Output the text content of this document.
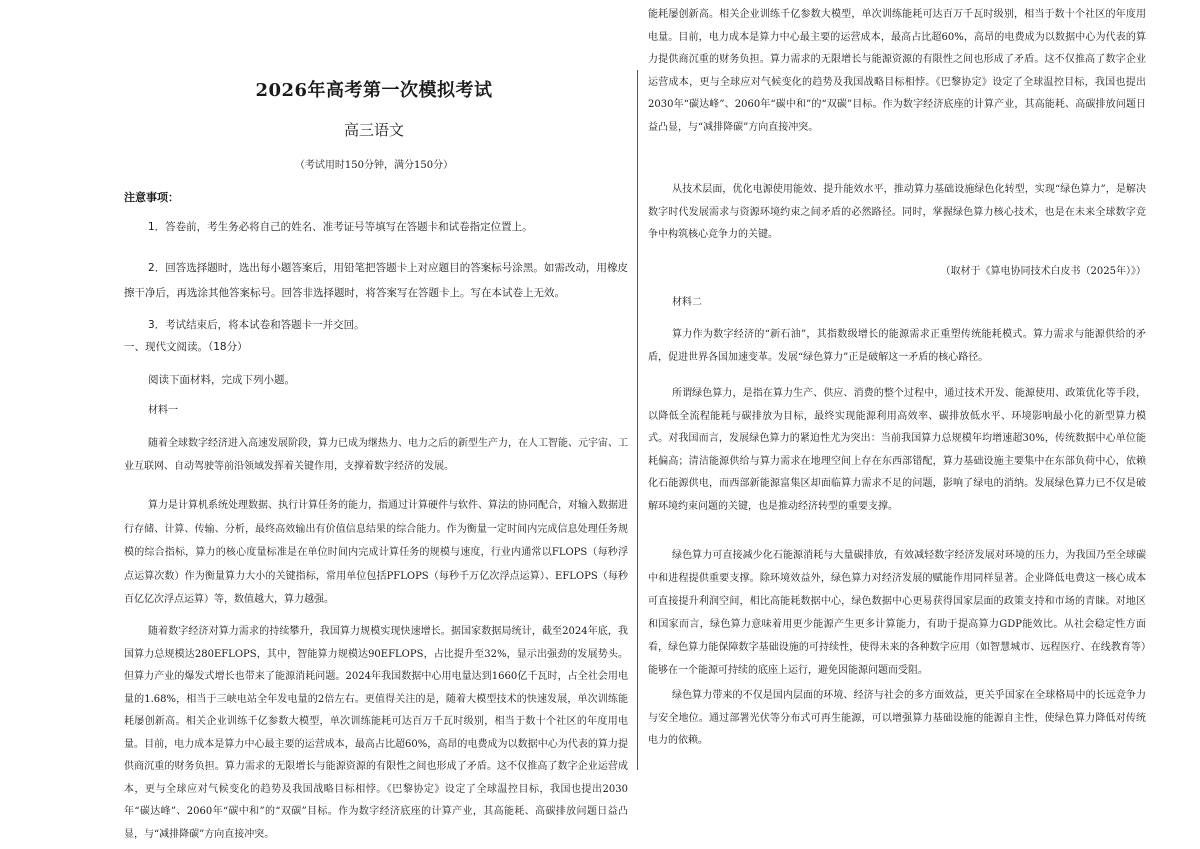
2026年高考第一次模拟考试
高三语文
（考试用时150分钟，满分150分）
注意事项：
1．答卷前，考生务必将自己的姓名、准考证号等填写在答题卡和试卷指定位置上。
2．回答选择题时，选出每小题答案后，用铅笔把答题卡上对应题目的答案标号涂黑。如需改动，用橡皮擦干净后，再选涂其他答案标号。回答非选择题时，将答案写在答题卡上。写在本试卷上无效。
3．考试结束后，将本试卷和答题卡一并交回。
一、现代文阅读。（18分）
阅读下面材料，完成下列小题。
材料一
随着全球数字经济进入高速发展阶段，算力已成为继热力、电力之后的新型生产力，在人工智能、元宇宙、工业互联网、自动驾驶等前沿领域发挥着关键作用，支撑着数字经济的发展。
算力是计算机系统处理数据、执行计算任务的能力，指通过计算硬件与软件、算法的协同配合，对输入数据进行存储、计算、传输、分析，最终高效输出有价值信息结果的综合能力。作为衡量一定时间内完成信息处理任务规模的综合指标，算力的核心度量标准是在单位时间内完成计算任务的规模与速度，行业内通常以FLOPS（每秒浮点运算次数）作为衡量算力大小的关键指标，常用单位包括PFLOPS（每秒千万亿次浮点运算）、EFLOPS（每秒百亿亿次浮点运算）等，数值越大，算力越强。
随着数字经济对算力需求的持续攀升，我国算力规模实现快速增长。据国家数据局统计，截至2024年底，我国算力总规模达280EFLOPS，其中，智能算力规模达90EFLOPS，占比提升至32%，显示出强劲的发展势头。但算力产业的爆发式增长也带来了能源消耗问题。2024年我国数据中心用电量达到1660亿千瓦时，占全社会用电量的1.68%，相当于三峡电站全年发电量的2倍左右。更值得关注的是，随着大模型技术的快速发展，单次训练能耗屡创新高。相关企业训练千亿参数大模型，单次训练能耗可达百万千瓦时级别，相当于数十个社区的年度用电量。目前，电力成本是算力中心最主要的运营成本，最高占比超60%，高昂的电费成为以数据中心为代表的算力提供商沉重的财务负担。算力需求的无限增长与能源资源的有限性之间也形成了矛盾。这不仅推高了数字企业运营成本，更与全球应对气候变化的趋势及我国战略目标相悖。《巴黎协定》设定了全球温控目标，我国也提出2030年“碳达峰”、2060年“碳中和”的“双碳”目标。作为数字经济底座的计算产业，其高能耗、高碳排放问题日益凸显，与“减排降碳”方向直接冲突。
能耗屡创新高。相关企业训练千亿参数大模型，单次训练能耗可达百万千瓦时级别，相当于数十个社区的年度用电量。目前，电力成本是算力中心最主要的运营成本，最高占比超60%，高昂的电费成为以数据中心为代表的算力提供商沉重的财务负担。算力需求的无限增长与能源资源的有限性之间也形成了矛盾。这不仅推高了数字企业运营成本，更与全球应对气候变化的趋势及我国战略目标相悖。《巴黎协定》设定了全球温控目标，我国也提出2030年“碳达峰”、2060年“碳中和”的“双碳”目标。作为数字经济底座的计算产业，其高能耗、高碳排放问题日益凸显，与“减排降碳”方向直接冲突。
从技术层面，优化电源使用能效、提升能效水平，推动算力基础设施绿色化转型，实现“绿色算力”，是解决数字时代发展需求与资源环境约束之间矛盾的必然路径。同时，掌握绿色算力核心技术，也是在未来全球数字竞争中构筑核心竞争力的关键。
（取材于《算电协同技术白皮书（2025年）》）
材料二
算力作为数字经济的“新石油”，其指数级增长的能源需求正重塑传统能耗模式。算力需求与能源供给的矛盾，促进世界各国加速变革。发展“绿色算力”正是破解这一矛盾的核心路径。
所谓绿色算力，是指在算力生产、供应、消费的整个过程中，通过技术开发、能源使用、政策优化等手段，以降低全流程能耗与碳排放为目标，最终实现能源利用高效率、碳排放低水平、环境影响最小化的新型算力模式。对我国而言，发展绿色算力的紧迫性尤为突出：当前我国算力总规模年均增速超30%，传统数据中心单位能耗偏高；清洁能源供给与算力需求在地理空间上存在东西部错配，算力基础设施主要集中在东部负荷中心，依赖化石能源供电，而西部新能源富集区却面临算力需求不足的问题，影响了绿电的消纳。发展绿色算力已不仅是破解环境约束问题的关键，也是推动经济转型的重要支撑。
绿色算力可直接减少化石能源消耗与大量碳排放，有效减轻数字经济发展对环境的压力，为我国乃至全球碳中和进程提供重要支撑。除环境效益外，绿色算力对经济发展的赋能作用同样显著。企业降低电费这一核心成本可直接提升利润空间，相比高能耗数据中心，绿色数据中心更易获得国家层面的政策支持和市场的青睐。对地区和国家而言，绿色算力意味着用更少能源产生更多计算能力，有助于提高算力GDP能效比。从社会稳定性方面看，绿色算力能保障数字基础设施的可持续性，使得未来的各种数字应用（如智慧城市、远程医疗、在线教育等）能够在一个能源可持续的底座上运行，避免因能源问题而受阻。
绿色算力带来的不仅是国内层面的环境、经济与社会的多方面效益，更关乎国家在全球格局中的长远竞争力与安全地位。通过部署光伏等分布式可再生能源，可以增强算力基础设施的能源自主性，使绿色算力降低对传统电力的依赖。
